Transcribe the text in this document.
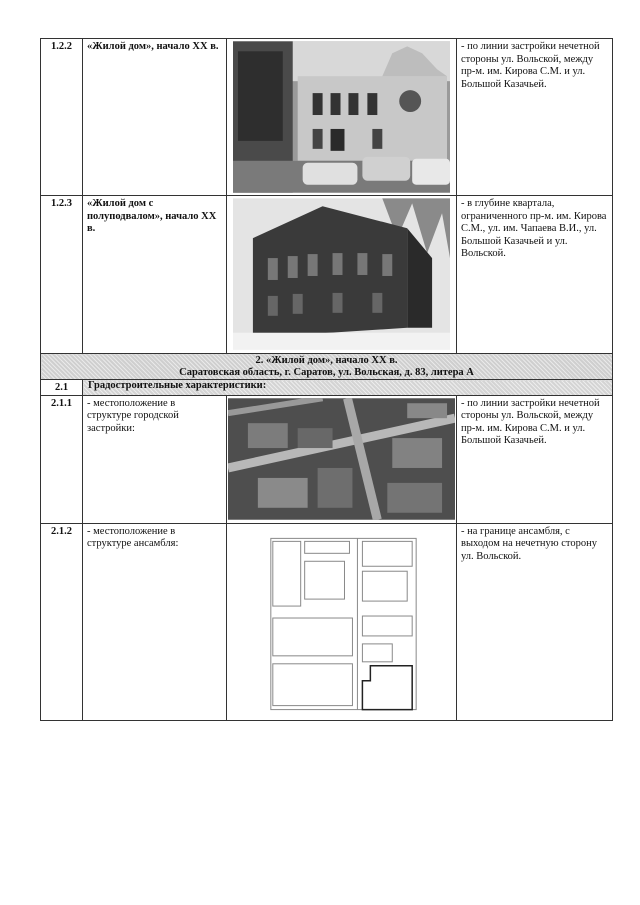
1.2.2	«Жилой дом», начало XX в.		- по линии застройки нечетной стороны ул. Вольской, между пр-м. им. Кирова С.М. и ул. Большой Казачьей.
1.2.3	«Жилой дом с полуподвалом», начало XX в.		- в глубине квартала, ограниченного пр-м. им. Кирова С.М., ул. им. Чапаева В.И., ул. Большой Казачьей и ул. Вольской.

2. «Жилой дом», начало XX в.
Саратовская область, г. Саратов, ул. Вольская, д. 83, литера А			

2.1	Градостроительные характеристики:		
2.1.1	- местоположение в структуре городской застройки:		- по линии застройки нечетной стороны ул. Вольской, между пр-м. им. Кирова С.М. и ул. Большой Казачьей.
2.1.2	- местоположение в структуре ансамбля:		- на границе ансамбля, с выходом на нечетную сторону ул. Вольской.
